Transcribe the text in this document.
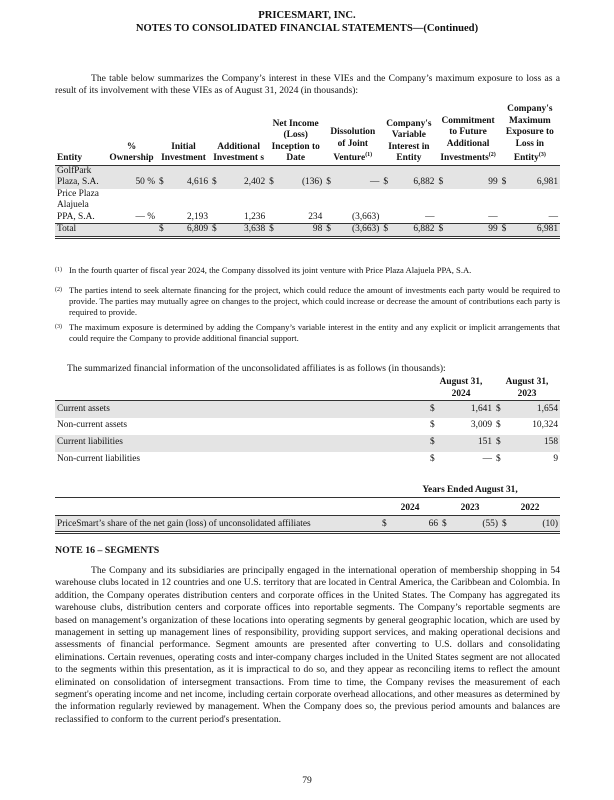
PRICESMART, INC.
NOTES TO CONSOLIDATED FINANCIAL STATEMENTS—(Continued)

The table below summarizes the Company’s interest in these VIEs and the Company’s maximum exposure to loss as a result of its involvement with these VIEs as of August 31, 2024 (in thousands):

Entity	% Ownership	Initial Investment		Additional Investment s		Net Income (Loss) Inception to Date		Dissolution of Joint Venture$^{(1)}$		Company's Variable Interest in Entity		Commitment to Future Additional Investments$^{(2)}$		Company's Maximum Exposure to Loss in Entity$^{(3)}$
GolfPark Plaza, S.A.	50 %	$	4,616	$	2,402	$	(136)	$	—	$	6,882	$	99	$	6,981
Price Plaza Alajuela PPA, S.A.	— %		2,193		1,236		234		(3,663)		—		—		—
Total		$	6,809	$	3,638	$	98	$	(3,663)	$	6,882	$	99	$	6,981
(1) In the fourth quarter of fiscal year 2024, the Company dissolved its joint venture with Price Plaza Alajuela PPA, S.A.
(2) The parties intend to seek alternate financing for the project, which could reduce the amount of investments each party would be required to provide. The parties may mutually agree on changes to the project, which could increase or decrease the amount of contributions each party is required to provide.
(3) The maximum exposure is determined by adding the Company’s variable interest in the entity and any explicit or implicit arrangements that could require the Company to provide additional financial support.

The summarized financial information of the unconsolidated affiliates is as follows (in thousands):

	August 31, 2024		August 31, 2023	
Current assets	$	1,641	$	1,654
Non-current assets	$	3,009	$	10,324
Current liabilities	$	151	$	158
Non-current liabilities	$	—	$	9
	Years Ended August 31,					
	2024		2023		2022	
PriceSmart’s share of the net gain (loss) of unconsolidated affiliates	$	66	$	(55)	$	(10)
NOTE 16 – SEGMENTS

The Company and its subsidiaries are principally engaged in the international operation of membership shopping in 54 warehouse clubs located in 12 countries and one U.S. territory that are located in Central America, the Caribbean and Colombia. In addition, the Company operates distribution centers and corporate offices in the United States. The Company has aggregated its warehouse clubs, distribution centers and corporate offices into reportable segments. The Company’s reportable segments are based on management’s organization of these locations into operating segments by general geographic location, which are used by management in setting up management lines of responsibility, providing support services, and making operational decisions and assessments of financial performance. Segment amounts are presented after converting to U.S. dollars and consolidating eliminations. Certain revenues, operating costs and inter-company charges included in the United States segment are not allocated to the segments within this presentation, as it is impractical to do so, and they appear as reconciling items to reflect the amount eliminated on consolidation of intersegment transactions. From time to time, the Company revises the measurement of each segment's operating income and net income, including certain corporate overhead allocations, and other measures as determined by the information regularly reviewed by management. When the Company does so, the previous period amounts and balances are reclassified to conform to the current period's presentation.

79
